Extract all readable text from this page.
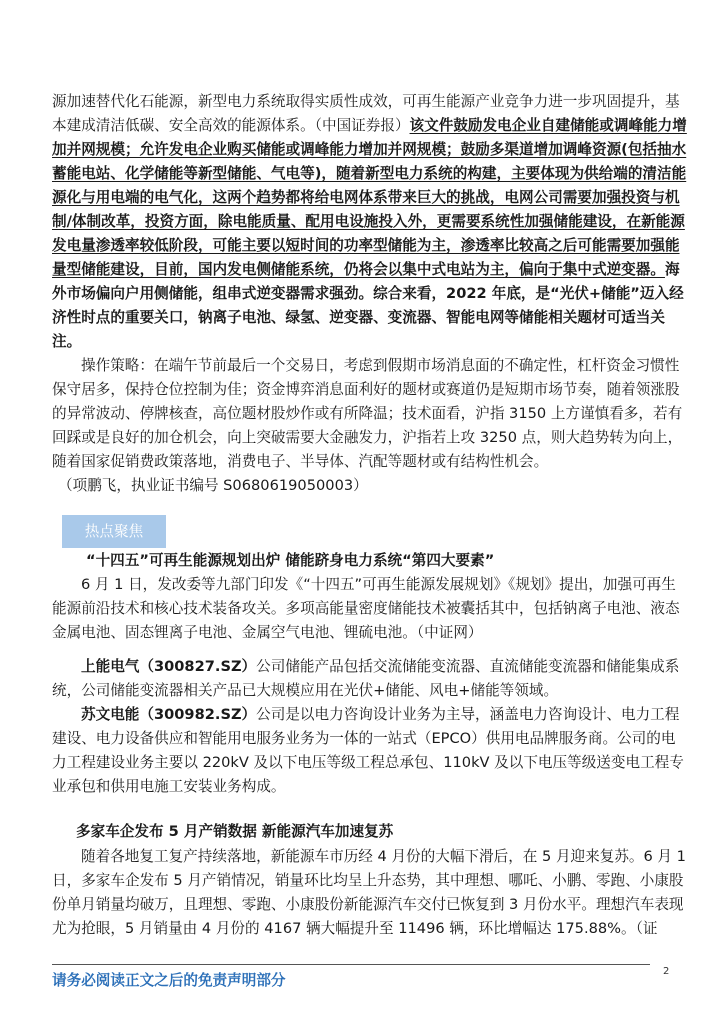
源加速替代化石能源，新型电力系统取得实质性成效，可再生能源产业竞争力进一步巩固提升，基本建成清洁低碳、安全高效的能源体系。（中国证券报）该文件鼓励发电企业自建储能或调峰能力增加并网规模；允许发电企业购买储能或调峰能力增加并网规模；鼓励多渠道增加调峰资源(包括抽水蓄能电站、化学储能等新型储能、气电等)，随着新型电力系统的构建，主要体现为供给端的清洁能源化与用电端的电气化，这两个趋势都将给电网体系带来巨大的挑战，电网公司需要加强投资与机制/体制改革，投资方面，除电能质量、配用电设施投入外，更需要系统性加强储能建设，在新能源发电量渗透率较低阶段，可能主要以短时间的功率型储能为主，渗透率比较高之后可能需要加强能量型储能建设，目前，国内发电侧储能系统，仍将会以集中式电站为主，偏向于集中式逆变器。海外市场偏向户用侧储能，组串式逆变器需求强劲。综合来看，2022 年底，是“光伏+储能”迈入经济性时点的重要关口，钠离子电池、绿氢、逆变器、变流器、智能电网等储能相关题材可适当关注。

操作策略：在端午节前最后一个交易日，考虑到假期市场消息面的不确定性，杠杆资金习惯性保守居多，保持仓位控制为佳；资金博弈消息面利好的题材或赛道仍是短期市场节奏，随着领涨股的异常波动、停牌核查，高位题材股炒作或有所降温；技术面看，沪指 3150 上方谨慎看多，若有回踩或是良好的加仓机会，向上突破需要大金融发力，沪指若上攻 3250 点，则大趋势转为向上，随着国家促销费政策落地，消费电子、半导体、汽配等题材或有结构性机会。

（项鹏飞，执业证书编号 S0680619050003）

热点聚焦
“十四五”可再生能源规划出炉 储能跻身电力系统“第四大要素”

6 月 1 日，发改委等九部门印发《“十四五”可再生能源发展规划》《规划》提出，加强可再生能源前沿技术和核心技术装备攻关。多项高能量密度储能技术被囊括其中，包括钠离子电池、液态金属电池、固态锂离子电池、金属空气电池、锂硫电池。（中证网）

上能电气（300827.SZ）公司储能产品包括交流储能变流器、直流储能变流器和储能集成系统，公司储能变流器相关产品已大规模应用在光伏+储能、风电+储能等领域。

苏文电能（300982.SZ）公司是以电力咨询设计业务为主导，涵盖电力咨询设计、电力工程建设、电力设备供应和智能用电服务业务为一体的一站式（EPCO）供用电品牌服务商。公司的电力工程建设业务主要以 220kV 及以下电压等级工程总承包、110kV 及以下电压等级送变电工程专业承包和供用电施工安装业务构成。

多家车企发布 5 月产销数据 新能源汽车加速复苏

随着各地复工复产持续落地，新能源车市历经 4 月份的大幅下滑后，在 5 月迎来复苏。6 月 1 日，多家车企发布 5 月产销情况，销量环比均呈上升态势，其中理想、哪吒、小鹏、零跑、小康股份单月销量均破万，且理想、零跑、小康股份新能源汽车交付已恢复到 3 月份水平。理想汽车表现尤为抢眼，5 月销量由 4 月份的 4167 辆大幅提升至 11496 辆，环比增幅达 175.88%。（证

请务必阅读正文之后的免责声明部分
2
